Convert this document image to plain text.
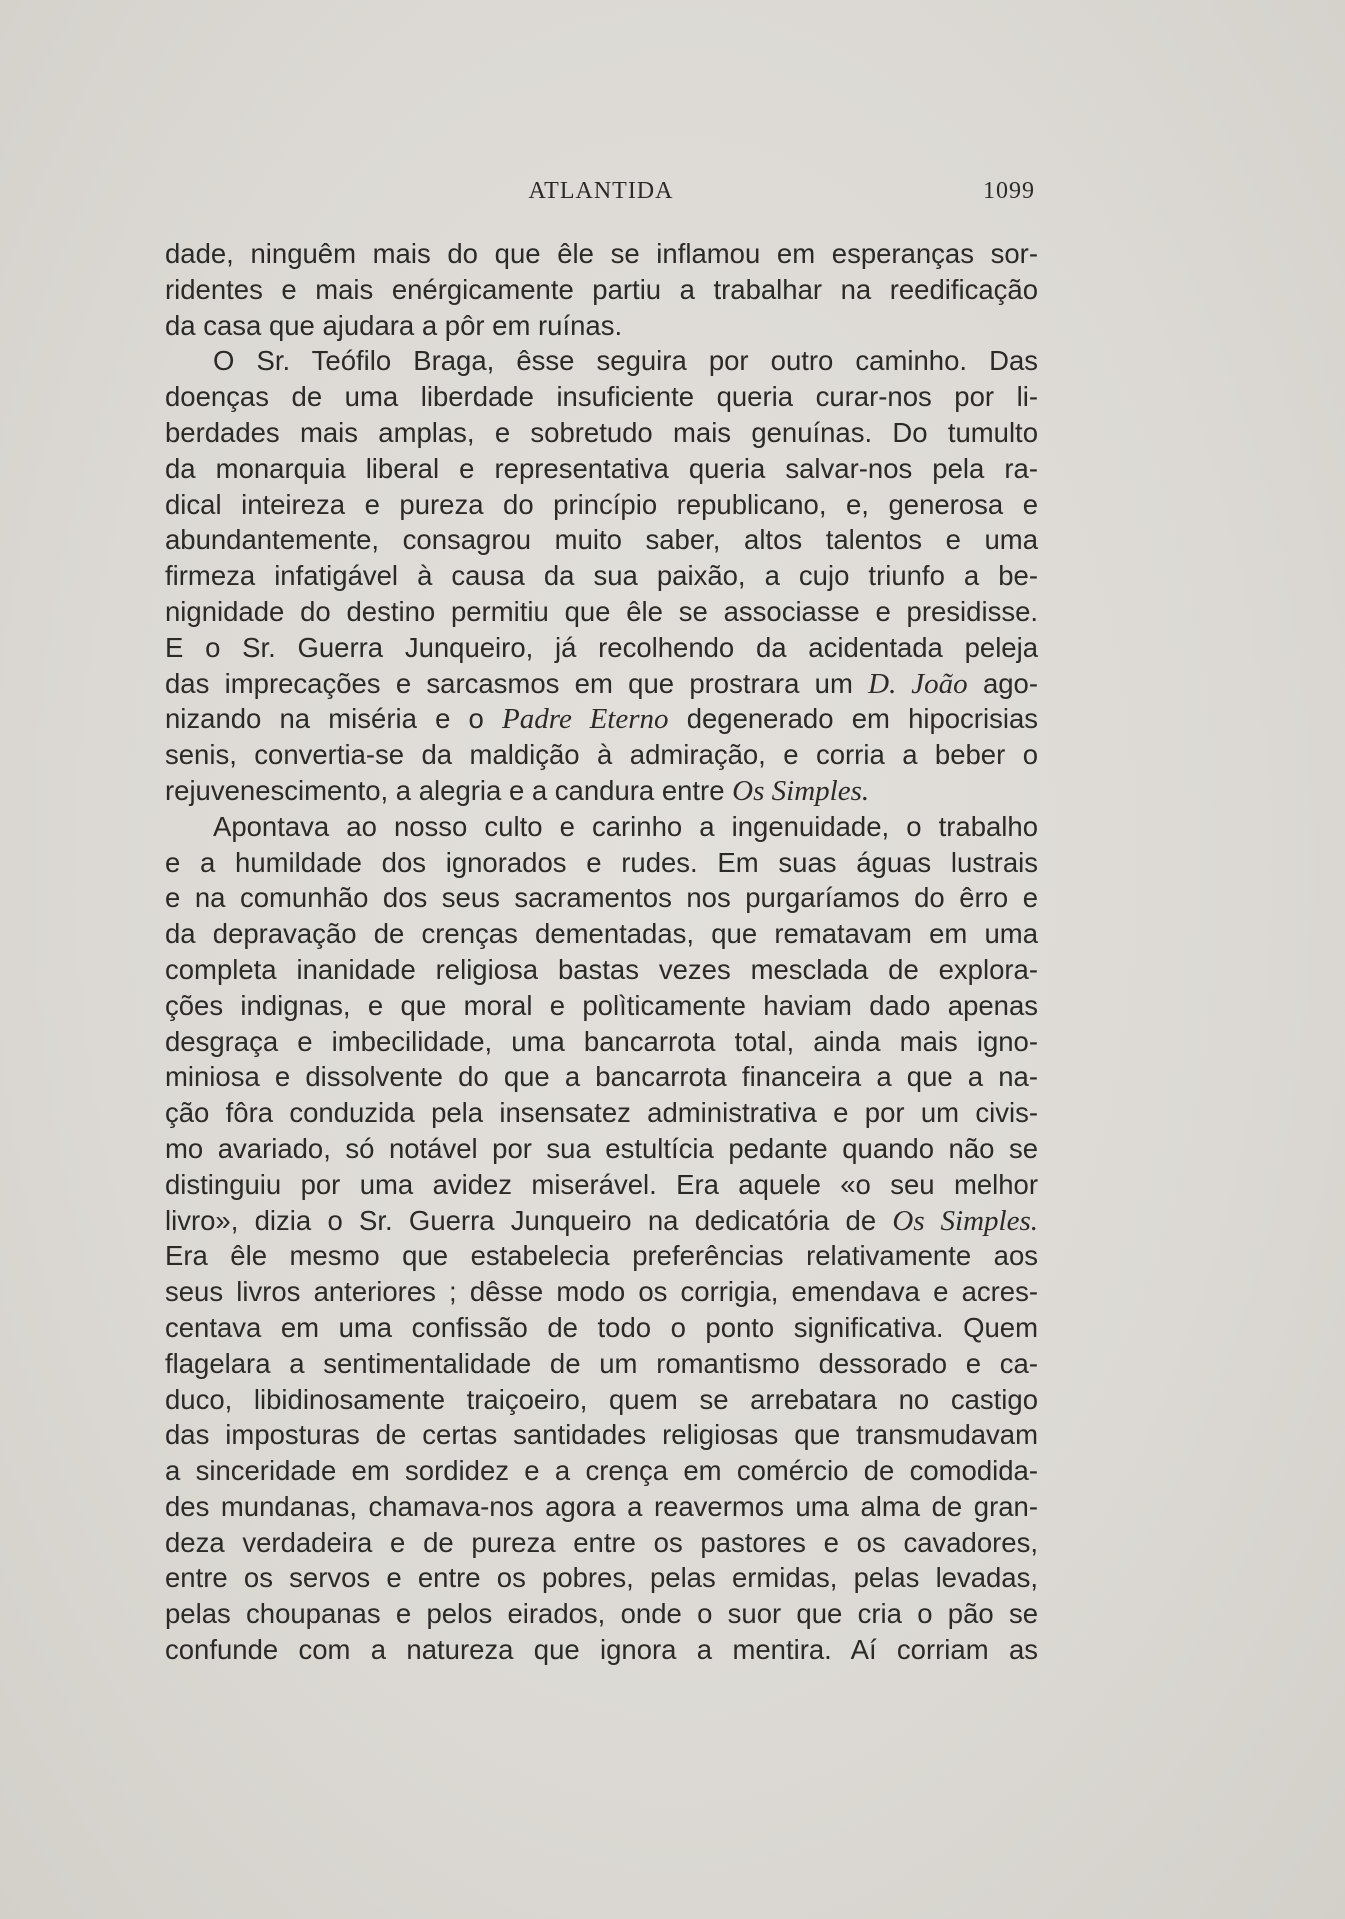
ATLANTIDA	1099
dade, ninguêm mais do que êle se inflamou em esperanças sor-
ridentes e mais enérgicamente partiu a trabalhar na reedificação
da casa que ajudara a pôr em ruínas.
O Sr. Teófilo Braga, êsse seguira por outro caminho. Das
doenças de uma liberdade insuficiente queria curar-nos por li-
berdades mais amplas, e sobretudo mais genuínas. Do tumulto
da monarquia liberal e representativa queria salvar-nos pela ra-
dical inteireza e pureza do princípio republicano, e, generosa e
abundantemente, consagrou muito saber, altos talentos e uma
firmeza infatigável à causa da sua paixão, a cujo triunfo a be-
nignidade do destino permitiu que êle se associasse e presidisse.
E o Sr. Guerra Junqueiro, já recolhendo da acidentada peleja
das imprecações e sarcasmos em que prostrara um D. João ago-
nizando na miséria e o Padre Eterno degenerado em hipocrisias
senis, convertia-se da maldição à admiração, e corria a beber o
rejuvenescimento, a alegria e a candura entre Os Simples.
Apontava ao nosso culto e carinho a ingenuidade, o trabalho
e a humildade dos ignorados e rudes. Em suas águas lustrais
e na comunhão dos seus sacramentos nos purgaríamos do êrro e
da depravação de crenças dementadas, que rematavam em uma
completa inanidade religiosa bastas vezes mesclada de explora-
ções indignas, e que moral e polìticamente haviam dado apenas
desgraça e imbecilidade, uma bancarrota total, ainda mais igno-
miniosa e dissolvente do que a bancarrota financeira a que a na-
ção fôra conduzida pela insensatez administrativa e por um civis-
mo avariado, só notável por sua estultícia pedante quando não se
distinguiu por uma avidez miserável. Era aquele «o seu melhor
livro», dizia o Sr. Guerra Junqueiro na dedicatória de Os Simples.
Era êle mesmo que estabelecia preferências relativamente aos
seus livros anteriores ; dêsse modo os corrigia, emendava e acres-
centava em uma confissão de todo o ponto significativa. Quem
flagelara a sentimentalidade de um romantismo dessorado e ca-
duco, libidinosamente traiçoeiro, quem se arrebatara no castigo
das imposturas de certas santidades religiosas que transmudavam
a sinceridade em sordidez e a crença em comércio de comodida-
des mundanas, chamava-nos agora a reavermos uma alma de gran-
deza verdadeira e de pureza entre os pastores e os cavadores,
entre os servos e entre os pobres, pelas ermidas, pelas levadas,
pelas choupanas e pelos eirados, onde o suor que cria o pão se
confunde com a natureza que ignora a mentira. Aí corriam as
